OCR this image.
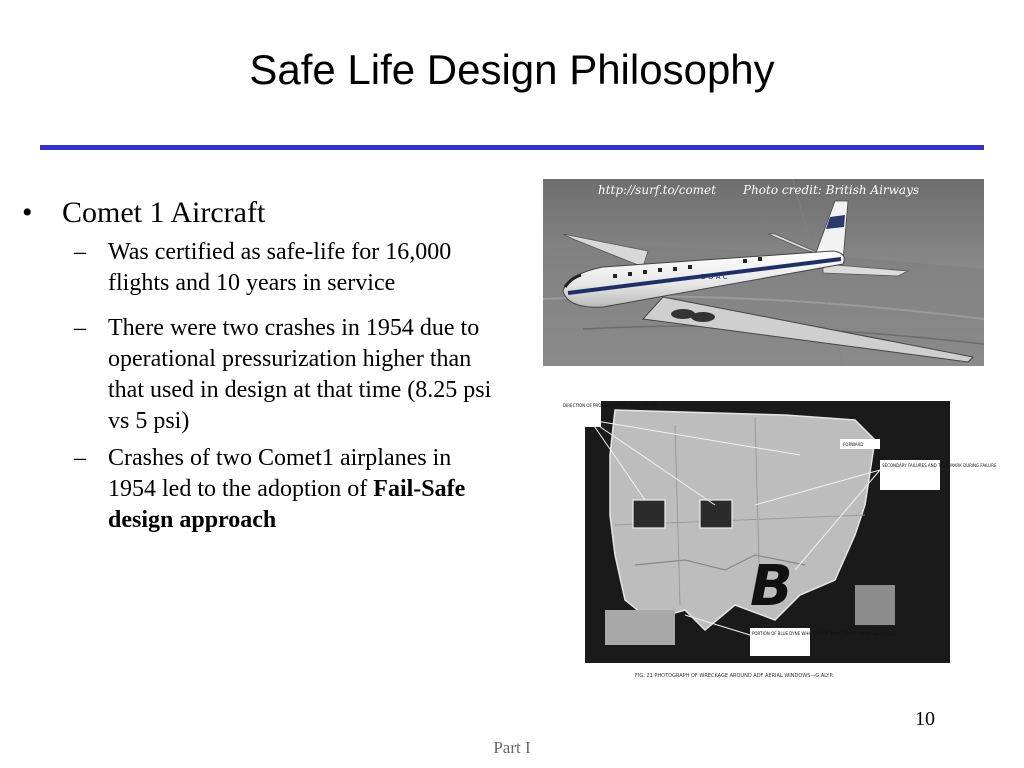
Safe Life Design Philosophy
• Comet 1 Aircraft
– Was certified as safe-life for 16,000 flights and 10 years in service
– There were two crashes in 1954 due to operational pressurization higher than that used in design at that time (8.25 psi vs 5 psi)
– Crashes of two Comet1 airplanes in 1954 led to the adoption of Fail-Safe design approach
B O A C
http://surf.to/comet Photo credit: British Airways
B
DIRECTION OF PROPAGATION OF MAIN FAILURE
FORWARD
SECONDARY FAILURES AND TOOL MARK DURING FAILURE
PORTION OF BLUE DYNE WHICH WERE IMPACT MARK ON INSIDE (FIG.36)
FIG. 21 PHOTOGRAPH OF WRECKAGE AROUND ADF AERIAL WINDOWS—G.ALYP.
10
Part I
